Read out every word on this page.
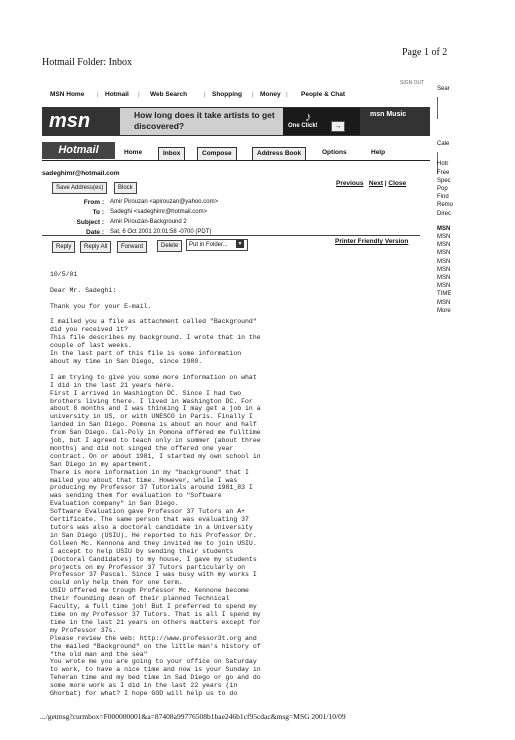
Hotmail Folder: Inbox
Page 1 of 2
SIGN OUT
MSN Home | Hotmail | Web Search	| Shopping | Money | People & Chat
msn	How long does it take artists to get discovered?
♪
One Click!	→
msn Music
Hotmail	Home	Inbox	Compose	Address Book	Options	Help
sadeghimr@hotmail.com
Save Address(es)	Block
Previous Next | Close
From : Amir Pirouzan <apirouzan@yahoo.com>
To : Sadeghi <sadeghimr@hotmail.com>
Subject : Amir Pirouzan-Background 2
Date : Sat, 6 Oct 2001 20:01:58 -0700 (PDT)
Reply	Reply All	Forward	Delete	Put in Folder...	▼	Printer Friendly Version
10/5/01

Dear Mr. Sadeghi:

Thank you for your E-mail.

I mailed you a file as attachment called "Background"
did you received it?
This file describes my background. I wrote that in the
couple of last weeks.
In the last part of this file is some information
about my time in San Diego, since 1980.

I am trying to give you some more information on what
I did in the last 21 years here.
First I arrived in Washington DC. Since I had two
brothers living there. I lived in Washington DC. For
about 8 months and I was thinking I may get a job in a
university in US, or with UNESCO in Paris. Finally I
landed in San Diego. Pomona is about an hour and half
from San Diego. Cal-Poly in Pomona offered me fulltime
job, but I agreed to teach only in summer (about three
months) and did not singed the offered one year
contract. On or about 1981, I started my own school in
San Diego in my apartment.
There is more information in my "background" that I
mailed you about that time. However, while I was
producing my Professor 37 Tutorials around 1981_83 I
was sending them for evaluation to "Software
Evaluation company" in San Diego.
Software Evaluation gave Professor 37 Tutors an A+
Certificate. The same person that was evaluating 37
tutors was also a doctoral candidate in a University
in San Diego (USIU). He reported to his Professor Dr.
Colleen Mc. Kennona and they invited me to join USIU.
I accept to help USIU by sending their students
(Doctoral Candidates) to my house, I gave my students
projects on my Professor 37 Tutors particularly on
Professor 37 Pascal. Since I was busy with my works I
could only help them for one term.
USIU offered me trough Professor Mc. Kennone become
their founding dean of their planned Technical
Faculty, a full time job! But I preferred to spend my
time on my Professor 37 Tutors. That is all I spend my
time in the last 21 years on others matters except for
my Professor 37s.
Please review the web: http://www.professor3t.org and
the mailed "Background" on the little man's history of
"the old man and the sea"
You wrote me you are going to your office on Saturday
to work, to have a nice time and now is your Sunday in
Teheran time and my bed time in Sad Diego or go and do
some more work as I did in the last 22 years (in
Ghorbat) for what? I hope GOD will help us to do
.../getmsg?curmbox=F000000001&a=87408a99776508b1bae246b1cf95cdac&msg=MSG 2001/10/09
Sear
Cale
Hotr
Free
Spec
Pop
Find
Remo
Direc
MSN
MSN
MSN
MSN
MSN
MSN
MSN
MSN
TIME
MSN
More
